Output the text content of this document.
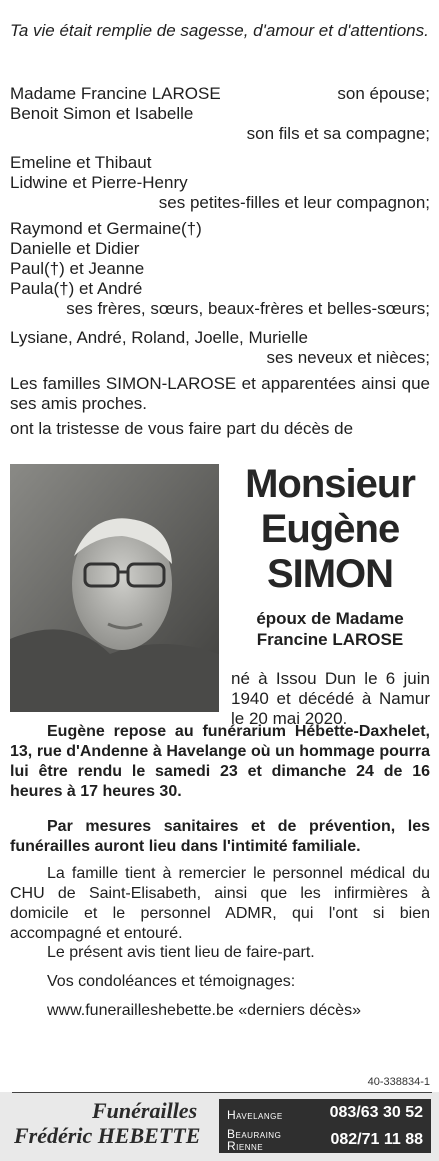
Ta vie était remplie de sagesse, d'amour et d'attentions.
Madame Francine LAROSE	son épouse;
Benoit Simon et Isabelle
son fils et sa compagne;
Emeline et Thibaut
Lidwine et Pierre-Henry
ses petites-filles et leur compagnon;
Raymond et Germaine(†)
Danielle et Didier
Paul(†) et Jeanne
Paula(†) et André
ses frères, sœurs, beaux-frères et belles-sœurs;
Lysiane, André, Roland, Joelle, Murielle
ses neveux et nièces;
Les familles SIMON-LAROSE et apparentées ainsi que ses amis proches.
ont la tristesse de vous faire part du décès de
Monsieur
Eugène
SIMON
époux de Madame Francine LAROSE
né à Issou Dun le 6 juin 1940 et décédé à Namur le 20 mai 2020.
Eugène repose au funérarium Hébette-Daxhelet, 13, rue d'Andenne à Havelange où un hommage pourra lui être rendu le samedi 23 et dimanche 24 de 16 heures à 17 heures 30.
Par mesures sanitaires et de prévention, les funérailles auront lieu dans l'intimité familiale.
La famille tient à remercier le personnel médical du CHU de Saint-Elisabeth, ainsi que les infirmières à domicile et le personnel ADMR, qui l'ont si bien accompagné et entouré.
Le présent avis tient lieu de faire-part.
Vos condoléances et témoignages:
www.funerailleshebette.be «derniers décès»
40-338834-1
Funérailles
Frédéric HEBETTE
Havelange	083/63 30 52
Beauraing
Rienne	082/71 11 88
